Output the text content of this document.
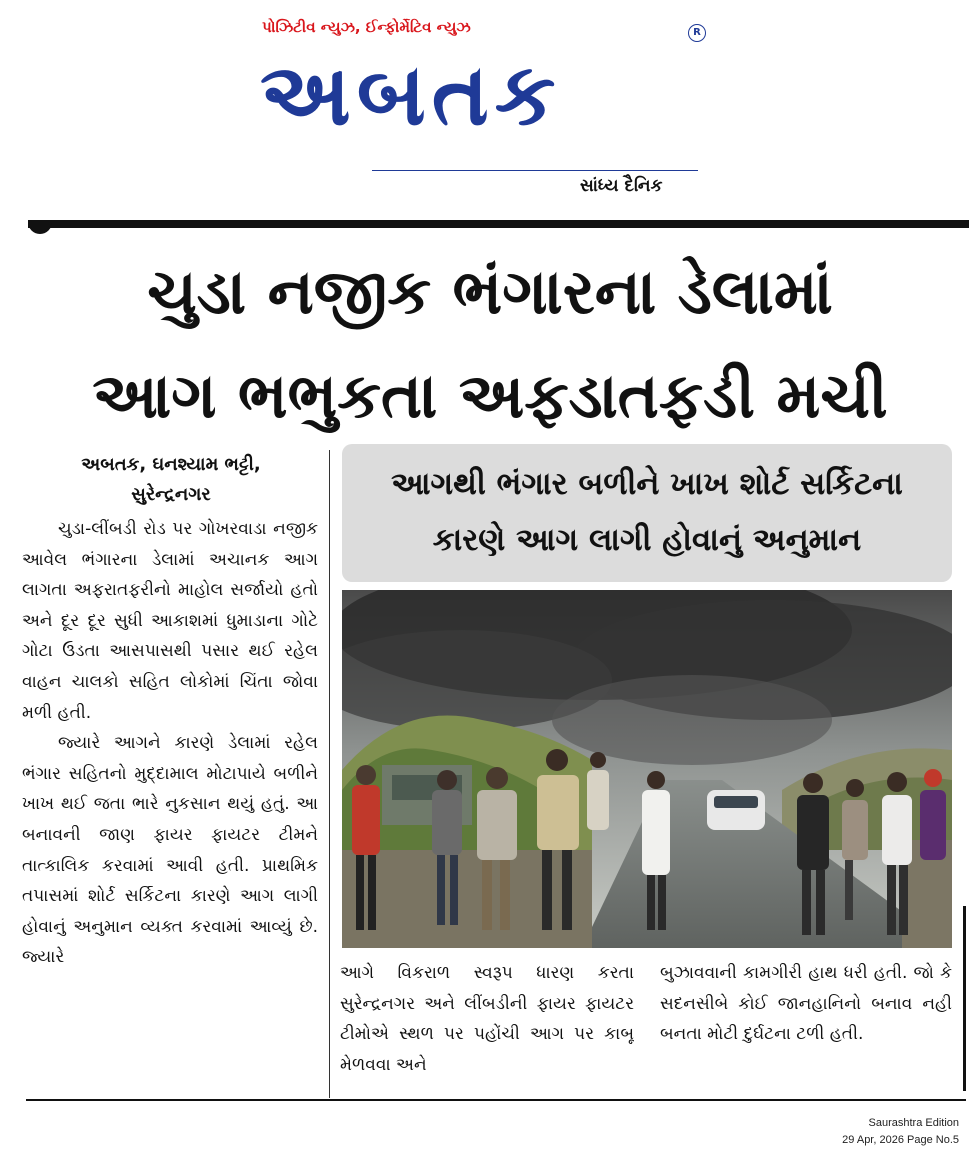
પોઝિટીવ ન્યુઝ, ઈન્ફોર્મેટિવ ન્યુઝ
અબતક
R
સાંધ્ય દૈનિક
ચુડા નજીક ભંગારના ડેલામાં
આગ ભભુકતા અફડાતફડી મચી
અબતક, ઘનશ્યામ ભટ્ટી,
સુરેન્દ્રનગર

ચુડા-લીંબડી રોડ પર ગોખરવાડા નજીક આવેલ ભંગારના ડેલામાં અચાનક આગ લાગતા અફરાતફરીનો માહોલ સર્જાયો હતો અને દૂર દૂર સુધી આકાશમાં ધુમાડાના ગોટે ગોટા ઉડતા આસપાસથી પસાર થઈ રહેલ વાહન ચાલકો સહિત લોકોમાં ચિંતા જોવા મળી હતી.

જ્યારે આગને કારણે ડેલામાં રહેલ ભંગાર સહિતનો મુદ્દામાલ મોટાપાયે બળીને ખાખ થઈ જતા ભારે નુકસાન થયું હતું. આ બનાવની જાણ ફાયર ફાયટર ટીમને તાત્કાલિક કરવામાં આવી હતી. પ્રાથમિક તપાસમાં શોર્ટ સર્કિટના કારણે આગ લાગી હોવાનું અનુમાન વ્યક્ત કરવામાં આવ્યું છે. જ્યારે

આગથી ભંગાર બળીને ખાખ શોર્ટ સર્કિટના
કારણે આગ લાગી હોવાનું અનુમાન

આગે વિકરાળ સ્વરૂપ ધારણ કરતા સુરેન્દ્રનગર અને લીંબડીની ફાયર ફાયટર ટીમોએ સ્થળ પર પહોંચી આગ પર કાબૂ મેળવવા અને

બુઝાવવાની કામગીરી હાથ ધરી હતી. જો કે સદનસીબે કોઈ જાનહાનિનો બનાવ નહી બનતા મોટી દુર્ઘટના ટળી હતી.

Saurashtra Edition
29 Apr, 2026 Page No.5
